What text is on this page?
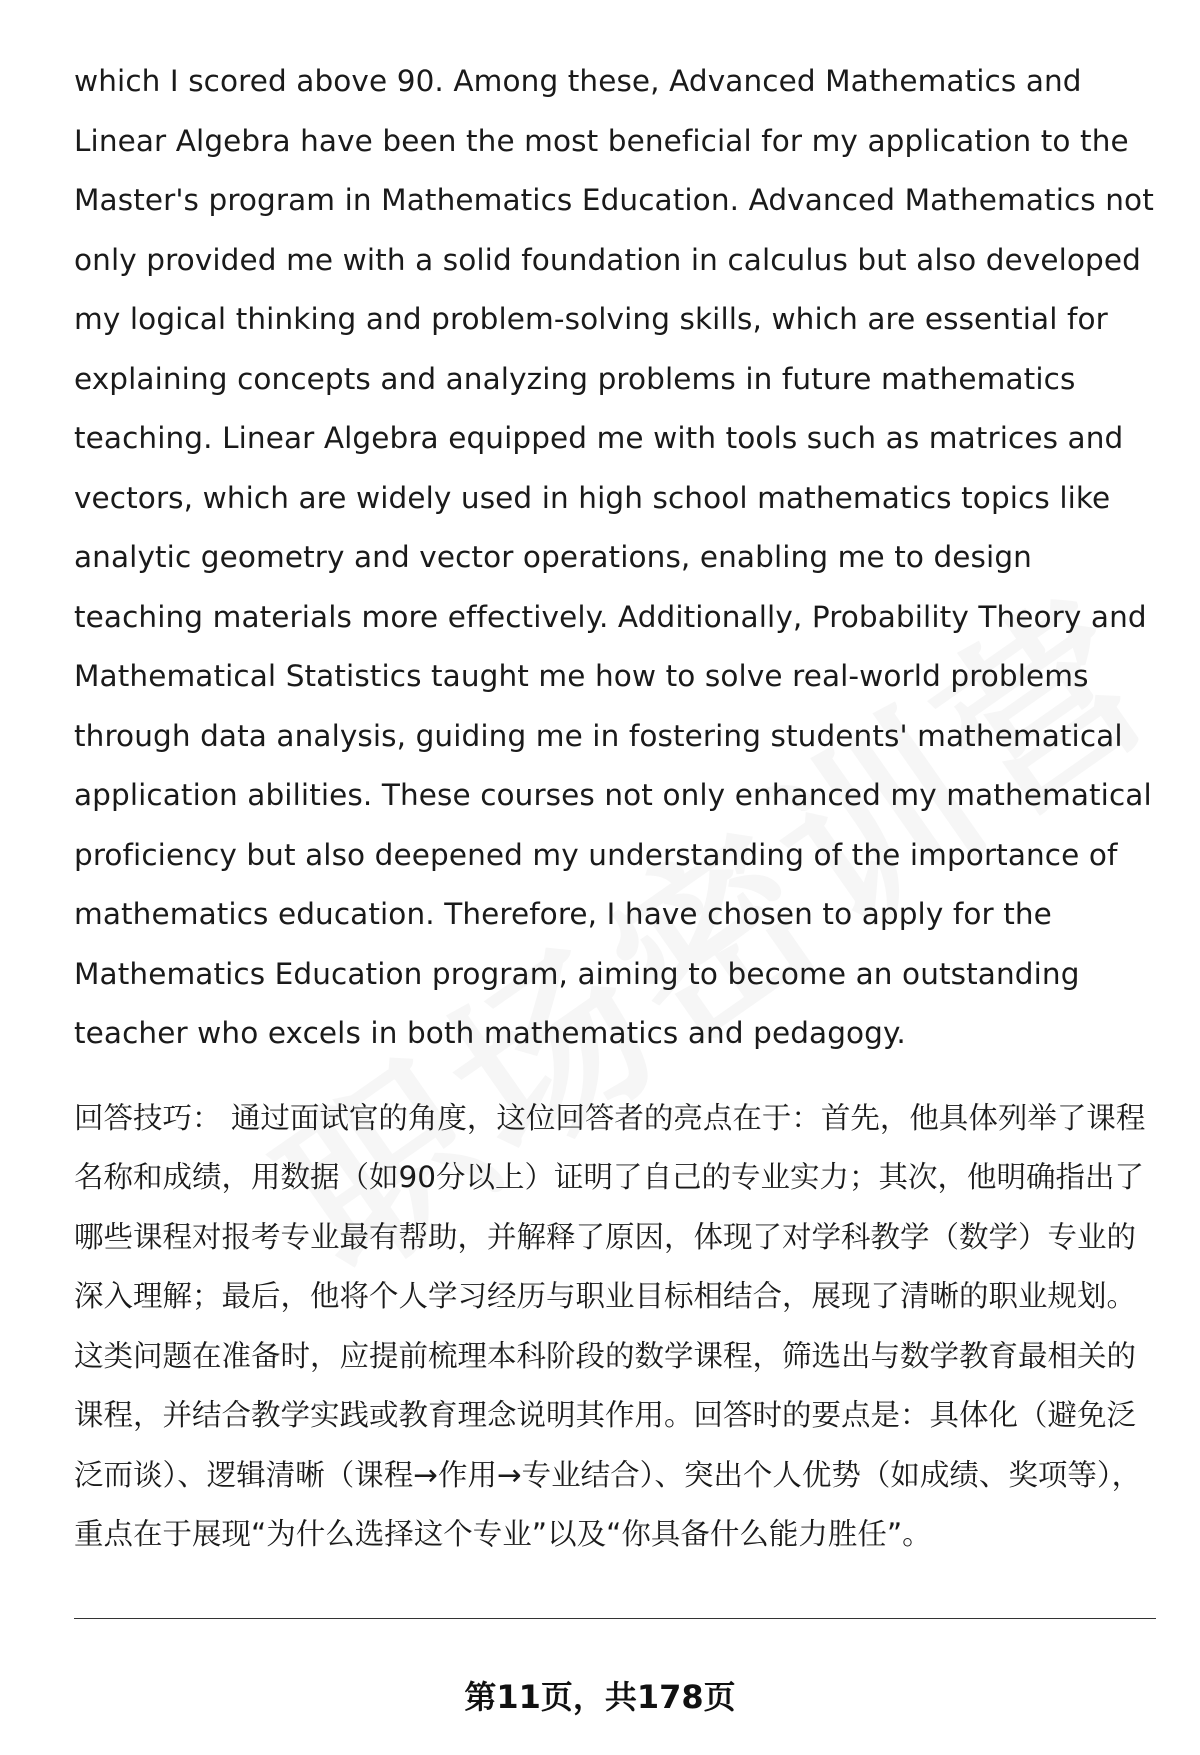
which I scored above 90. Among these, Advanced Mathematics and Linear Algebra have been the most beneficial for my application to the Master's program in Mathematics Education. Advanced Mathematics not only provided me with a solid foundation in calculus but also developed my logical thinking and problem-solving skills, which are essential for explaining concepts and analyzing problems in future mathematics teaching. Linear Algebra equipped me with tools such as matrices and vectors, which are widely used in high school mathematics topics like analytic geometry and vector operations, enabling me to design teaching materials more effectively. Additionally, Probability Theory and Mathematical Statistics taught me how to solve real-world problems through data analysis, guiding me in fostering students' mathematical application abilities. These courses not only enhanced my mathematical proficiency but also deepened my understanding of the importance of mathematics education. Therefore, I have chosen to apply for the Mathematics Education program, aiming to become an outstanding teacher who excels in both mathematics and pedagogy.

回答技巧： 通过面试官的角度，这位回答者的亮点在于：首先，他具体列举了课程名称和成绩，用数据（如90分以上）证明了自己的专业实力；其次，他明确指出了哪些课程对报考专业最有帮助，并解释了原因，体现了对学科教学（数学）专业的深入理解；最后，他将个人学习经历与职业目标相结合，展现了清晰的职业规划。这类问题在准备时，应提前梳理本科阶段的数学课程，筛选出与数学教育最相关的课程，并结合教学实践或教育理念说明其作用。回答时的要点是：具体化（避免泛泛而谈）、逻辑清晰（课程→作用→专业结合）、突出个人优势（如成绩、奖项等），重点在于展现“为什么选择这个专业”以及“你具备什么能力胜任”。

第11页，共178页
